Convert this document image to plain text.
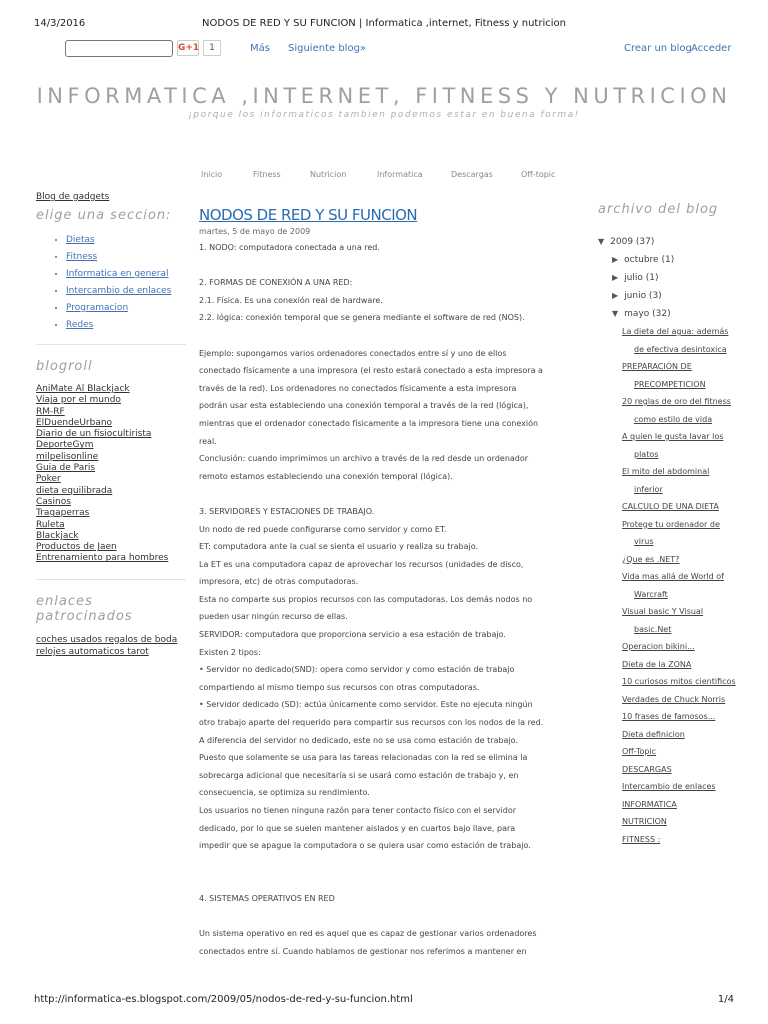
14/3/2016	NODOS DE RED Y SU FUNCION | Informatica ,internet, Fitness y nutricion
http://informatica-es.blogspot.com/2009/05/nodos-de-red-y-su-funcion.html	1/4
G+1	1	Más Siguiente blog»	Crear un blog Acceder
INFORMATICA ,INTERNET, FITNESS Y NUTRICION
¡porque los informaticos tambien podemos estar en buena forma!
Inicio	Fitness	Nutricion	Informatica	Descargas	Off-topic
Blog de gadgets
elige una seccion:
• Dietas
• Fitness
• Informatica en general
• Intercambio de enlaces
• Programacion
• Redes
blogroll
AniMate Al Blackjack
Viaja por el mundo
RM-RF
ElDuendeUrbano
Diario de un fisiocultirista
DeporteGym
milpelisonline
Guia de Paris
Poker
dieta equilibrada
Casinos
Tragaperras
Ruleta
Blackjack
Productos de Jaen
Entrenamiento para hombres
enlaces
patrocinados
coches usados regalos de boda
relojes automaticos tarot
NODOS DE RED Y SU FUNCION
martes, 5 de mayo de 2009
1. NODO: computadora conectada a una red.
2. FORMAS DE CONEXIÓN A UNA RED:
2.1. Física. Es una conexión real de hardware.
2.2. lógica: conexión temporal que se genera mediante el software de red (NOS).
Ejemplo: supongamos varios ordenadores conectados entre sí y uno de ellos
conectado físicamente a una impresora (el resto estará conectado a esta impresora a
través de la red). Los ordenadores no conectados físicamente a esta impresora
podrán usar esta estableciendo una conexión temporal a través de la red (lógica),
mientras que el ordenador conectado físicamente a la impresora tiene una conexión
real.
Conclusión: cuando imprimimos un archivo a través de la red desde un ordenador
remoto estamos estableciendo una conexión temporal (lógica).
3. SERVIDORES Y ESTACIONES DE TRABAJO.
Un nodo de red puede configurarse como servidor y como ET.
ET: computadora ante la cual se sienta el usuario y realiza su trabajo.
La ET es una computadora capaz de aprovechar los recursos (unidades de disco,
impresora, etc) de otras computadoras.
Esta no comparte sus propios recursos con las computadoras. Los demás nodos no
pueden usar ningún recurso de ellas.
SERVIDOR: computadora que proporciona servicio a esa estación de trabajo.
Existen 2 tipos:
• Servidor no dedicado(SND): opera como servidor y como estación de trabajo
compartiendo al mismo tiempo sus recursos con otras computadoras.
• Servidor dedicado (SD): actúa únicamente como servidor. Este no ejecuta ningún
otro trabajo aparte del requerido para compartir sus recursos con los nodos de la red.
A diferencia del servidor no dedicado, este no se usa como estación de trabajo.
Puesto que solamente se usa para las tareas relacionadas con la red se elimina la
sobrecarga adicional que necesitaría si se usará como estación de trabajo y, en
consecuencia, se optimiza su rendimiento.
Los usuarios no tienen ninguna razón para tener contacto físico con el servidor
dedicado, por lo que se suelen mantener aislados y en cuartos bajo llave, para
impedir que se apague la computadora o se quiera usar como estación de trabajo.
4. SISTEMAS OPERATIVOS EN RED
Un sistema operativo en red es aquel que es capaz de gestionar varios ordenadores
conectados entre sí. Cuando hablamos de gestionar nos referimos a mantener en
archivo del blog
▼ 2009 (37)
▶ octubre (1)
▶ julio (1)
▶ junio (3)
▼ mayo (32)
La dieta del agua: además de efectiva desintoxica
PREPARACIÓN DE PRECOMPETICION
20 reglas de oro del fitness como estilo de vida
A quien le gusta lavar los platos
El mito del abdominal inferior
CALCULO DE UNA DIETA
Protege tu ordenador de virus
¿Que es .NET?
Vida mas allá de World of Warcraft
Visual basic Y Visual basic.Net
Operacion bikini...
Dieta de la ZONA
10 curiosos mitos cientificos
Verdades de Chuck Norris
10 frases de famosos...
Dieta definicion
Off-Topic
DESCARGAS
Intercambio de enlaces
INFORMATICA
NUTRICION
FITNESS :
